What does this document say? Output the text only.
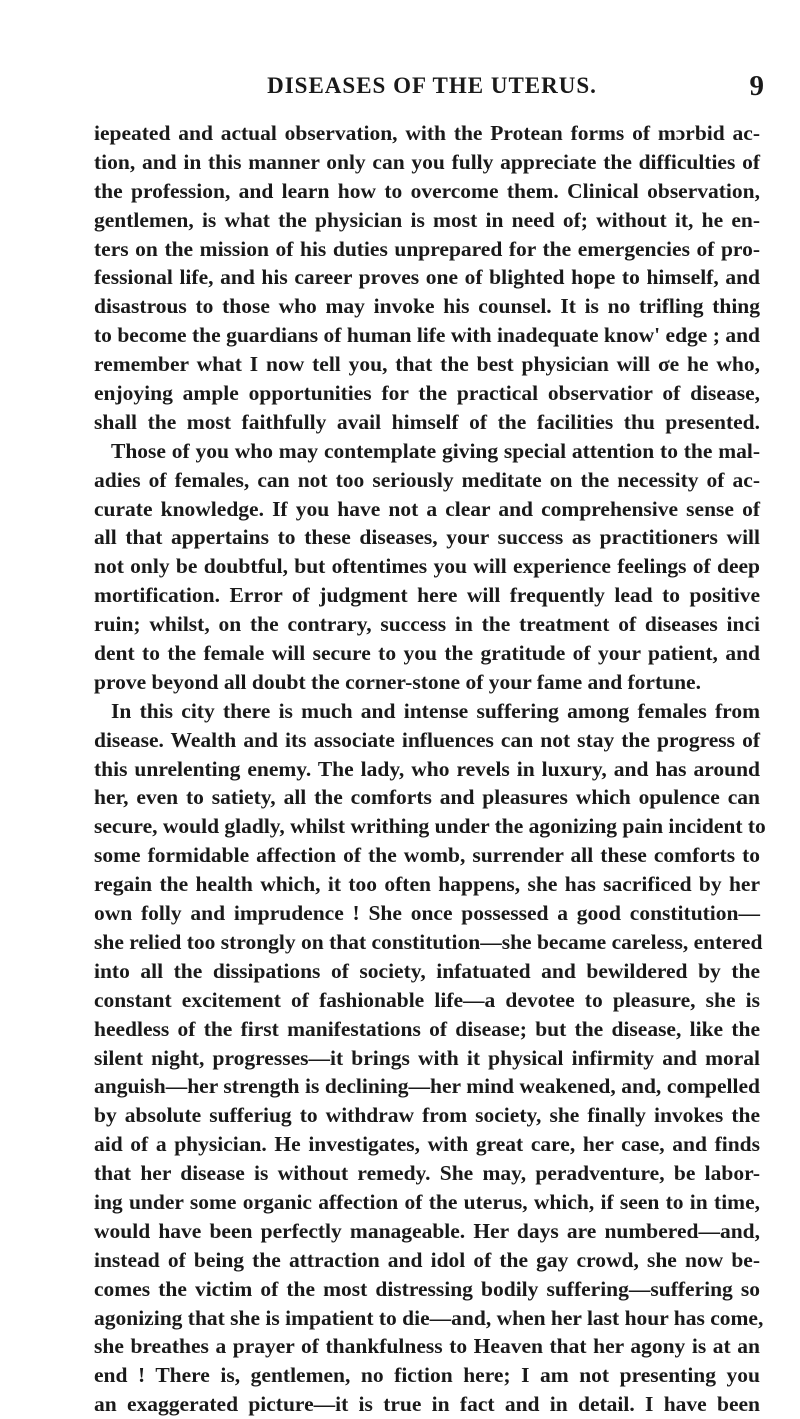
DISEASES OF THE UTERUS.	9
iepeated and actual observation, with the Protean forms of mɔrbid ac-
tion, and in this manner only can you fully appreciate the difficulties of
the profession, and learn how to overcome them. Clinical observation,
gentlemen, is what the physician is most in need of; without it, he en-
ters on the mission of his duties unprepared for the emergencies of pro-
fessional life, and his career proves one of blighted hope to himself, and
disastrous to those who may invoke his counsel. It is no trifling thing
to become the guardians of human life with inadequate know' edge ; and
remember what I now tell you, that the best physician will σe he who,
enjoying ample opportunities for the practical observatior of disease,
shall the most faithfully avail himself of the facilities thu presented.
Those of you who may contemplate giving special attention to the mal-
adies of females, can not too seriously meditate on the necessity of ac-
curate knowledge. If you have not a clear and comprehensive sense of
all that appertains to these diseases, your success as practitioners will
not only be doubtful, but oftentimes you will experience feelings of deep
mortification. Error of judgment here will frequently lead to positive
ruin; whilst, on the contrary, success in the treatment of diseases inci
dent to the female will secure to you the gratitude of your patient, and
prove beyond all doubt the corner-stone of your fame and fortune.
In this city there is much and intense suffering among females from
disease. Wealth and its associate influences can not stay the progress of
this unrelenting enemy. The lady, who revels in luxury, and has around
her, even to satiety, all the comforts and pleasures which opulence can
secure, would gladly, whilst writhing under the agonizing pain incident to
some formidable affection of the womb, surrender all these comforts to
regain the health which, it too often happens, she has sacrificed by her
own folly and imprudence ! She once possessed a good constitution—
she relied too strongly on that constitution—she became careless, entered
into all the dissipations of society, infatuated and bewildered by the
constant excitement of fashionable life—a devotee to pleasure, she is
heedless of the first manifestations of disease; but the disease, like the
silent night, progresses—it brings with it physical infirmity and moral
anguish—her strength is declining—her mind weakened, and, compelled
by absolute sufferiug to withdraw from society, she finally invokes the
aid of a physician. He investigates, with great care, her case, and finds
that her disease is without remedy. She may, peradventure, be labor-
ing under some organic affection of the uterus, which, if seen to in time,
would have been perfectly manageable. Her days are numbered—and,
instead of being the attraction and idol of the gay crowd, she now be-
comes the victim of the most distressing bodily suffering—suffering so
agonizing that she is impatient to die—and, when her last hour has come,
she breathes a prayer of thankfulness to Heaven that her agony is at an
end ! There is, gentlemen, no fiction here; I am not presenting you
an exaggerated picture—it is true in fact and in detail. I have been
